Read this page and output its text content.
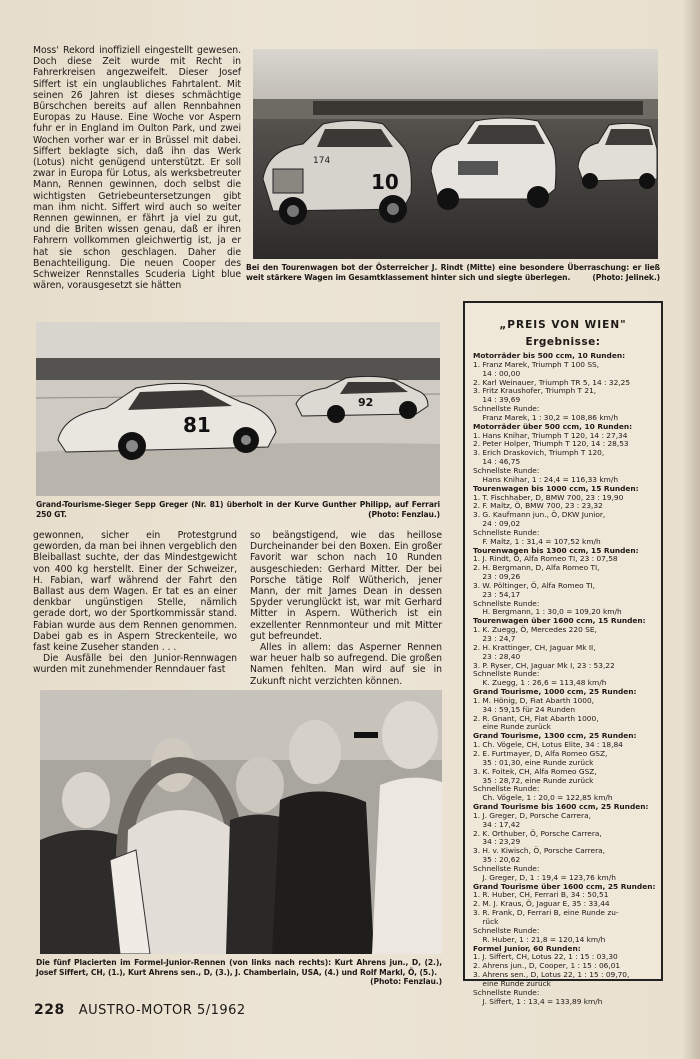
Moss' Rekord inoffiziell eingestellt gewesen. Doch diese Zeit wurde mit Recht in Fahrerkreisen angezweifelt. Dieser Josef Siffert ist ein unglaubliches Fahrtalent. Mit seinen 26 Jahren ist dieses schmächtige Bürschchen bereits auf allen Rennbahnen Europas zu Hause. Eine Woche vor Aspern fuhr er in England im Oulton Park, und zwei Wochen vorher war er in Brüssel mit dabei. Siffert beklagte sich, daß ihn das Werk (Lotus) nicht genügend unterstützt. Er soll zwar in Europa für Lotus, als werksbetreuter Mann, Rennen gewinnen, doch selbst die wichtigsten Getriebeuntersetzungen gibt man ihm nicht. Siffert wird auch so weiter Rennen gewinnen, er fährt ja viel zu gut, und die Briten wissen genau, daß er ihren Fahrern vollkommen gleichwertig ist, ja er hat sie schon geschlagen. Daher die Benachteiligung. Die neuen Cooper des Schweizer Rennstalles Scuderia Light blue wären, vorausgesetzt sie hätten

10
174
Bei den Tourenwagen bot der Österreicher J. Rindt (Mitte) eine besondere Überraschung: er ließ weit stärkere Wagen im Gesamtklassement hinter sich und siegte überlegen.	(Photo: Jelinek.)
81
92
Grand-Tourisme-Sieger Sepp Greger (Nr. 81) überholt in der Kurve Gunther Philipp, auf Ferrari 250 GT.	(Photo: Fenzlau.)

gewonnen, sicher ein Protestgrund geworden, da man bei ihnen vergeblich den Bleiballast suchte, der das Mindestgewicht von 400 kg herstellt. Einer der Schweizer, H. Fabian, warf während der Fahrt den Ballast aus dem Wagen. Er tat es an einer denkbar ungünstigen Stelle, nämlich gerade dort, wo der Sportkommissär stand. Fabian wurde aus dem Rennen genommen. Dabei gab es in Aspern Streckenteile, wo fast keine Zuseher standen . . .

Die Ausfälle bei den Junior-Rennwagen wurden mit zunehmender Renndauer fast

so beängstigend, wie das heillose Durcheinander bei den Boxen. Ein großer Favorit war schon nach 10 Runden ausgeschieden: Gerhard Mitter. Der bei Porsche tätige Rolf Wütherich, jener Mann, der mit James Dean in dessen Spyder verunglückt ist, war mit Gerhard Mitter in Aspern. Wütherich ist ein exzellenter Rennmonteur und mit Mitter gut befreundet.

Alles in allem: das Asperner Rennen war heuer halb so aufregend. Die großen Namen fehlten. Man wird auf sie in Zukunft nicht verzichten können.

Die fünf Placierten im Formel-Junior-Rennen (von links nach rechts): Kurt Ahrens jun., D, (2.), Josef Siffert, CH, (1.), Kurt Ahrens sen., D, (3.), J. Chamberlain, USA, (4.) und Rolf Markl, Ö, (5.).
(Photo: Fenzlau.)
„PREIS VON WIEN"
Ergebnisse:
Motorräder bis 500 ccm, 10 Runden:
1. Franz Marek, Triumph T 100 SS,
14 : 00,00
2. Karl Weinauer, Triumph TR 5, 14 : 32,25
3. Fritz Kraushofer, Triumph T 21,
14 : 39,69
Schnellste Runde:
Franz Marek, 1 : 30,2 = 108,86 km/h
Motorräder über 500 ccm, 10 Runden:
1. Hans Knihar, Triumph T 120, 14 : 27,34
2. Peter Holper, Triumph T 120, 14 : 28,53
3. Erich Draskovich, Triumph T 120,
14 : 46,75
Schnellste Runde:
Hans Knihar, 1 : 24,4 = 116,33 km/h
Tourenwagen bis 1000 ccm, 15 Runden:
1. T. Fischhaber, D, BMW 700, 23 : 19,90
2. F. Maltz, Ö, BMW 700, 23 : 23,32
3. G. Kaufmann jun., Ö, DKW Junior,
24 : 09,02
Schnellste Runde:
F. Maltz, 1 : 31,4 = 107,52 km/h
Tourenwagen bis 1300 ccm, 15 Runden:
1. J. Rindt, Ö, Alfa Romeo TI, 23 : 07,58
2. H. Bergmann, D, Alfa Romeo TI,
23 : 09,26
3. W. Pöltinger, Ö, Alfa Romeo TI,
23 : 54,17
Schnellste Runde:
H. Bergmann, 1 : 30,0 = 109,20 km/h
Tourenwagen über 1600 ccm, 15 Runden:
1. K. Zuegg, Ö, Mercedes 220 SE,
23 : 24,7
2. H. Krattinger, CH, Jaguar Mk II,
23 : 28,40
3. P. Ryser, CH, Jaguar Mk I, 23 : 53,22
Schnellste Runde:
K. Zuegg, 1 : 26,6 = 113,48 km/h
Grand Tourisme, 1000 ccm, 25 Runden:
1. M. Hönig, D, Fiat Abarth 1000,
34 : 59,15 für 24 Runden
2. R. Gnant, CH, Fiat Abarth 1000,
eine Runde zurück
Grand Tourisme, 1300 ccm, 25 Runden:
1. Ch. Vögele, CH, Lotus Elite, 34 : 18,84
2. E. Furtmayer, D, Alfa Romeo GSZ,
35 : 01,30, eine Runde zurück
3. K. Foitek, CH, Alfa Romeo GSZ,
35 : 28,72, eine Runde zurück
Schnellste Runde:
Ch. Vögele, 1 : 20,0 = 122,85 km/h
Grand Tourisme bis 1600 ccm, 25 Runden:
1. J. Greger, D, Porsche Carrera,
34 : 17,42
2. K. Orthuber, Ö, Porsche Carrera,
34 : 23,29
3. H. v. Kiwisch, Ö, Porsche Carrera,
35 : 20,62
Schnellste Runde:
J. Greger, D, 1 : 19,4 = 123,76 km/h
Grand Tourisme über 1600 ccm, 25 Runden:
1. R. Huber, CH, Ferrari B, 34 : 50,51
2. M. J. Kraus, Ö, Jaguar E, 35 : 33,44
3. R. Frank, D, Ferrari B, eine Runde zu-
rück
Schnellste Runde:
R. Huber, 1 : 21,8 = 120,14 km/h
Formel Junior, 60 Runden:
1. J. Siffert, CH, Lotus 22, 1 : 15 : 03,30
2. Ahrens jun., D, Cooper, 1 : 15 : 06,01
3. Ahrens sen., D, Lotus 22, 1 : 15 : 09,70,
eine Runde zurück
Schnellste Runde:
J. Siffert, 1 : 13,4 = 133,89 km/h
228 AUSTRO-MOTOR 5/1962
